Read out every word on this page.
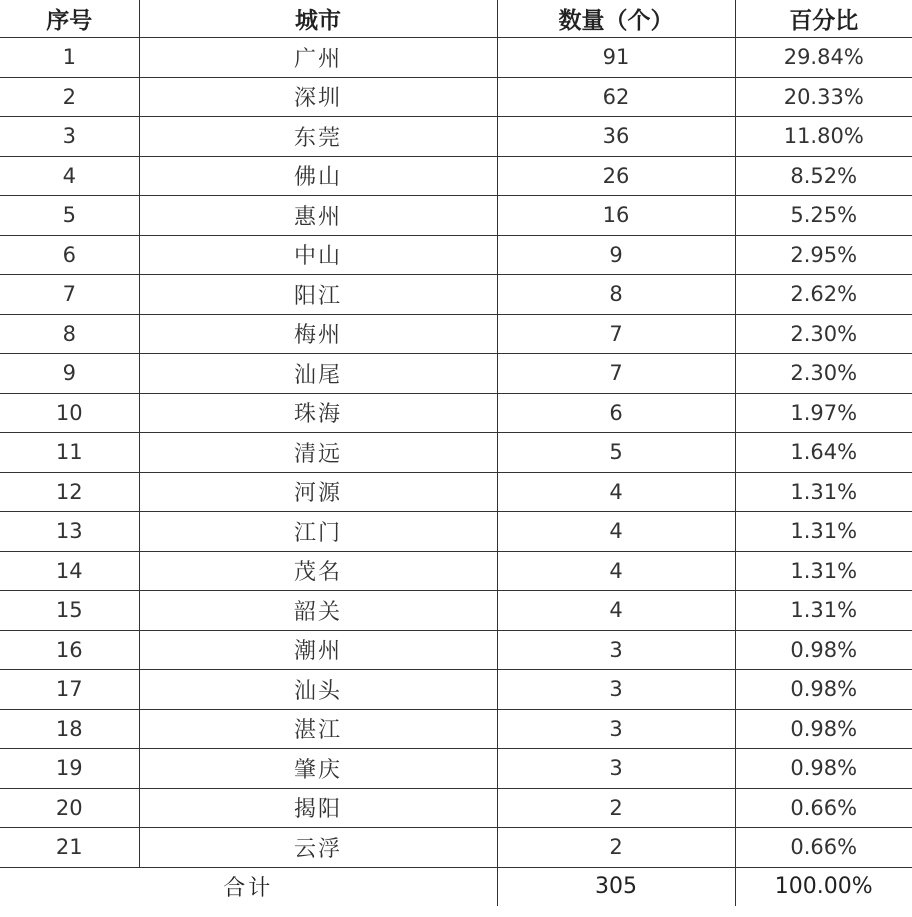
序号	城市	数量（个）	百分比
1	广州	91	29.84%
2	深圳	62	20.33%
3	东莞	36	11.80%
4	佛山	26	8.52%
5	惠州	16	5.25%
6	中山	9	2.95%
7	阳江	8	2.62%
8	梅州	7	2.30%
9	汕尾	7	2.30%
10	珠海	6	1.97%
11	清远	5	1.64%
12	河源	4	1.31%
13	江门	4	1.31%
14	茂名	4	1.31%
15	韶关	4	1.31%
16	潮州	3	0.98%
17	汕头	3	0.98%
18	湛江	3	0.98%
19	肇庆	3	0.98%
20	揭阳	2	0.66%
21	云浮	2	0.66%
合计		305	100.00%
